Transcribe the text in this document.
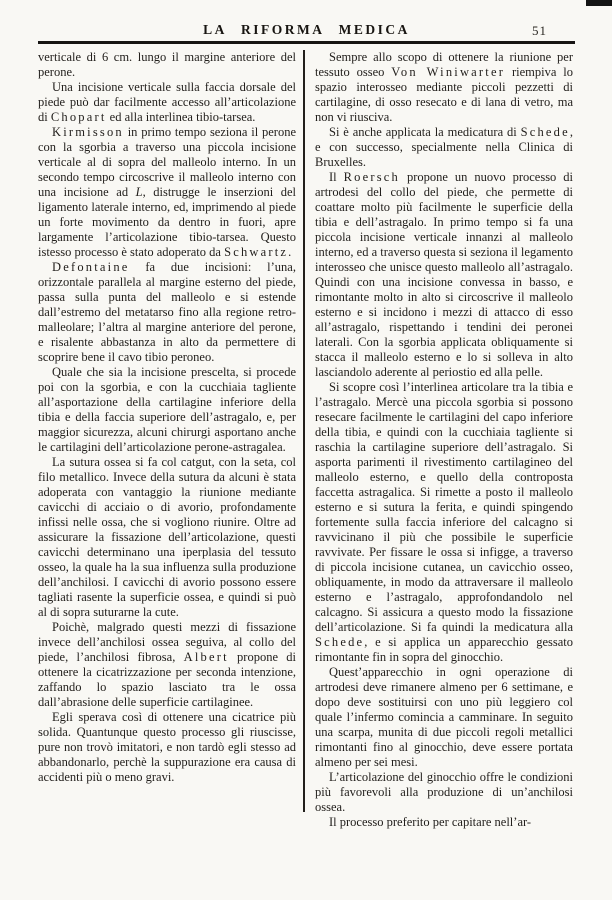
LA RIFORMA MEDICA	51

verticale di 6 cm. lungo il margine anteriore del perone.

Una incisione verticale sulla faccia dorsale del piede può dar facilmente accesso all’articolazione di Chopart ed alla interlinea tibio-tarsea.

Kirmisson in primo tempo seziona il perone con la sgorbia a traverso una piccola incisione verticale al di sopra del malleolo interno. In un secondo tempo circoscrive il malleolo interno con una incisione ad L, distrugge le inserzioni del ligamento laterale interno, ed, imprimendo al piede un forte movimento da dentro in fuori, apre largamente l’articolazione tibio-tarsea. Questo istesso processo è stato adoperato da Schwartz.

Defontaine fa due incisioni: l’una, orizzontale parallela al margine esterno del piede, passa sulla punta del malleolo e si estende dall’estremo del metatarso fino alla regione retro-malleolare; l’altra al margine anteriore del perone, e risalente abbastanza in alto da permettere di scoprire bene il cavo tibio peroneo.

Quale che sia la incisione prescelta, si procede poi con la sgorbia, e con la cucchiaia tagliente all’asportazione della cartilagine inferiore della tibia e della faccia superiore dell’astragalo, e, per maggior sicurezza, alcuni chirurgi asportano anche le cartilagini dell’articolazione perone-astragalea.

La sutura ossea si fa col catgut, con la seta, col filo metallico. Invece della sutura da alcuni è stata adoperata con vantaggio la riunione mediante cavicchi di acciaio o di avorio, profondamente infissi nelle ossa, che si vogliono riunire. Oltre ad assicurare la fissazione dell’articolazione, questi cavicchi determinano una iperplasia del tessuto osseo, la quale ha la sua influenza sulla produzione dell’anchilosi. I cavicchi di avorio possono essere tagliati rasente la superficie ossea, e quindi si può al di sopra suturarne la cute.

Poichè, malgrado questi mezzi di fissazione invece dell’anchilosi ossea seguiva, al collo del piede, l’anchilosi fibrosa, Albert propone di ottenere la cicatrizzazione per seconda intenzione, zaffando lo spazio lasciato tra le ossa dall’abrasione delle superficie cartilaginee.

Egli sperava così di ottenere una cicatrice più solida. Quantunque questo processo gli riuscisse, pure non trovò imitatori, e non tardò egli stesso ad abbandonarlo, perchè la suppurazione era causa di accidenti più o meno gravi.

Sempre allo scopo di ottenere la riunione per tessuto osseo Von Winiwarter riempiva lo spazio interosseo mediante piccoli pezzetti di cartilagine, di osso resecato e di lana di vetro, ma non vi riusciva.

Si è anche applicata la medicatura di Schede, e con successo, specialmente nella Clinica di Bruxelles.

Il Roersch propone un nuovo processo di artrodesi del collo del piede, che permette di coattare molto più facilmente le superficie della tibia e dell’astragalo. In primo tempo si fa una piccola incisione verticale innanzi al malleolo interno, ed a traverso questa si seziona il legamento interosseo che unisce questo malleolo all’astragalo. Quindi con una incisione convessa in basso, e rimontante molto in alto si circoscrive il malleolo esterno e si incidono i mezzi di attacco di esso all’astragalo, rispettando i tendini dei peronei laterali. Con la sgorbia applicata obliquamente si stacca il malleolo esterno e lo si solleva in alto lasciandolo aderente al periostio ed alla pelle.

Si scopre così l’interlinea articolare tra la tibia e l’astragalo. Mercè una piccola sgorbia si possono resecare facilmente le cartilagini del capo inferiore della tibia, e quindi con la cucchiaia tagliente si raschia la cartilagine superiore dell’astragalo. Si asporta parimenti il rivestimento cartilagineo del malleolo esterno, e quello della controposta faccetta astragalica. Si rimette a posto il malleolo esterno e si sutura la ferita, e quindi spingendo fortemente sulla faccia inferiore del calcagno si ravvicinano il più che possibile le superficie ravvivate. Per fissare le ossa si infigge, a traverso di piccola incisione cutanea, un cavicchio osseo, obliquamente, in modo da attraversare il malleolo esterno e l’astragalo, approfondandolo nel calcagno. Si assicura a questo modo la fissazione dell’articolazione. Si fa quindi la medicatura alla Schede, e si applica un apparecchio gessato rimontante fin in sopra del ginocchio.

Quest’apparecchio in ogni operazione di artrodesi deve rimanere almeno per 6 settimane, e dopo deve sostituirsi con uno più leggiero col quale l’infermo comincia a camminare. In seguito una scarpa, munita di due piccoli regoli metallici rimontanti fino al ginocchio, deve essere portata almeno per sei mesi.

L’articolazione del ginocchio offre le condizioni più favorevoli alla produzione di un’anchilosi ossea.

Il processo preferito per capitare nell’ar-
